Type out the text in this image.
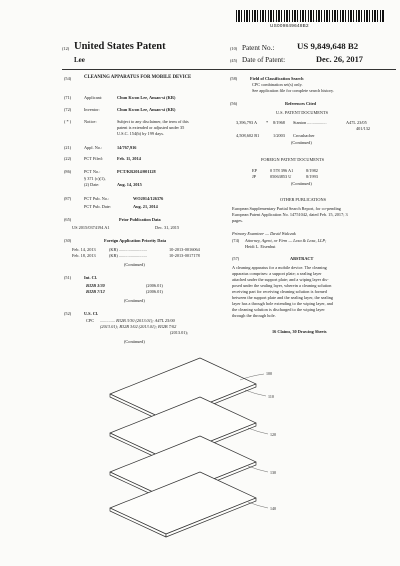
US009849648B2
(12) United States Patent
Lee
(10) Patent No.:	US 9,849,648 B2
(45) Date of Patent:	Dec. 26, 2017
(54)	CLEANING APPARATUS FOR MOBILE DEVICE
(71)	Applicant:	Chun Kwon Lee, Ansan-si (KR)
(72)	Inventor:	Chun Kwon Lee, Ansan-si (KR)
( * )	Notice:	Subject to any disclaimer, the term of this
patent is extended or adjusted under 35
U.S.C. 154(b) by 199 days.
(21)	Appl. No.:	14/767,916
(22)	PCT Filed:	Feb. 11, 2014
(86)	PCT No.:	PCT/KR2014/001128
§ 371 (c)(1),
(2) Date:	Aug. 14, 2015
(87)	PCT Pub. No.:	WO2014/126376
PCT Pub. Date:	Aug. 21, 2014
(65)	Prior Publication Data
US 2015/0374194 A1	Dec. 31, 2015
(30)	Foreign Application Priority Data
Feb. 14, 2013	(KR) ..........................	10-2013-0016064
Feb. 18, 2013	(KR) ..........................	10-2013-0017178
(Continued)
(51)	Int. Cl.
B32B 3/30	(2006.01)
B32B 7/12	(2006.01)
(Continued)
(52)	U.S. Cl.
CPC .............. B32B 3/30 (2013.01); A47L 25/00
(2013.01); B32B 3/02 (2013.01); B32B 7/02
(2013.01);
(Continued)
(58)	Field of Classification Search
CPC combination set(s) only.
See application file for complete search history.
(56)	References Cited
U.S. PATENT DOCUMENTS
3,396,793 A * 8/1968 Stanton ..................	A47L 23/05
401/132
4,508,602 B1	1/2003 Croushacher
(Continued)
FOREIGN PATENT DOCUMENTS
EP	0 578 396 A1	8/1982
JP	05063853 U	8/1993
(Continued)
OTHER PUBLICATIONS
European Supplementary Partial Search Report, for co-pending
European Patent Application No. 14751042, dated Feb. 15, 2017; 3
pages.
Primary Examiner — David Walczak
(74) Attorney, Agent, or Firm — Lexa & Lexa, LLP;
Heidi L. Eisenhut
(57)	ABSTRACT
A cleaning apparatus for a mobile device. The cleaning
apparatus comprises: a support plate; a sealing layer
attached under the support plate; and a wiping layer dis-
posed under the sealing layer, wherein a cleaning solution
receiving part for receiving cleaning solution is formed
between the support plate and the sealing layer, the sealing
layer has a through hole extending to the wiping layer, and
the cleaning solution is discharged to the wiping layer
through the through hole.
16 Claims, 30 Drawing Sheets
100
110
120
130
140
